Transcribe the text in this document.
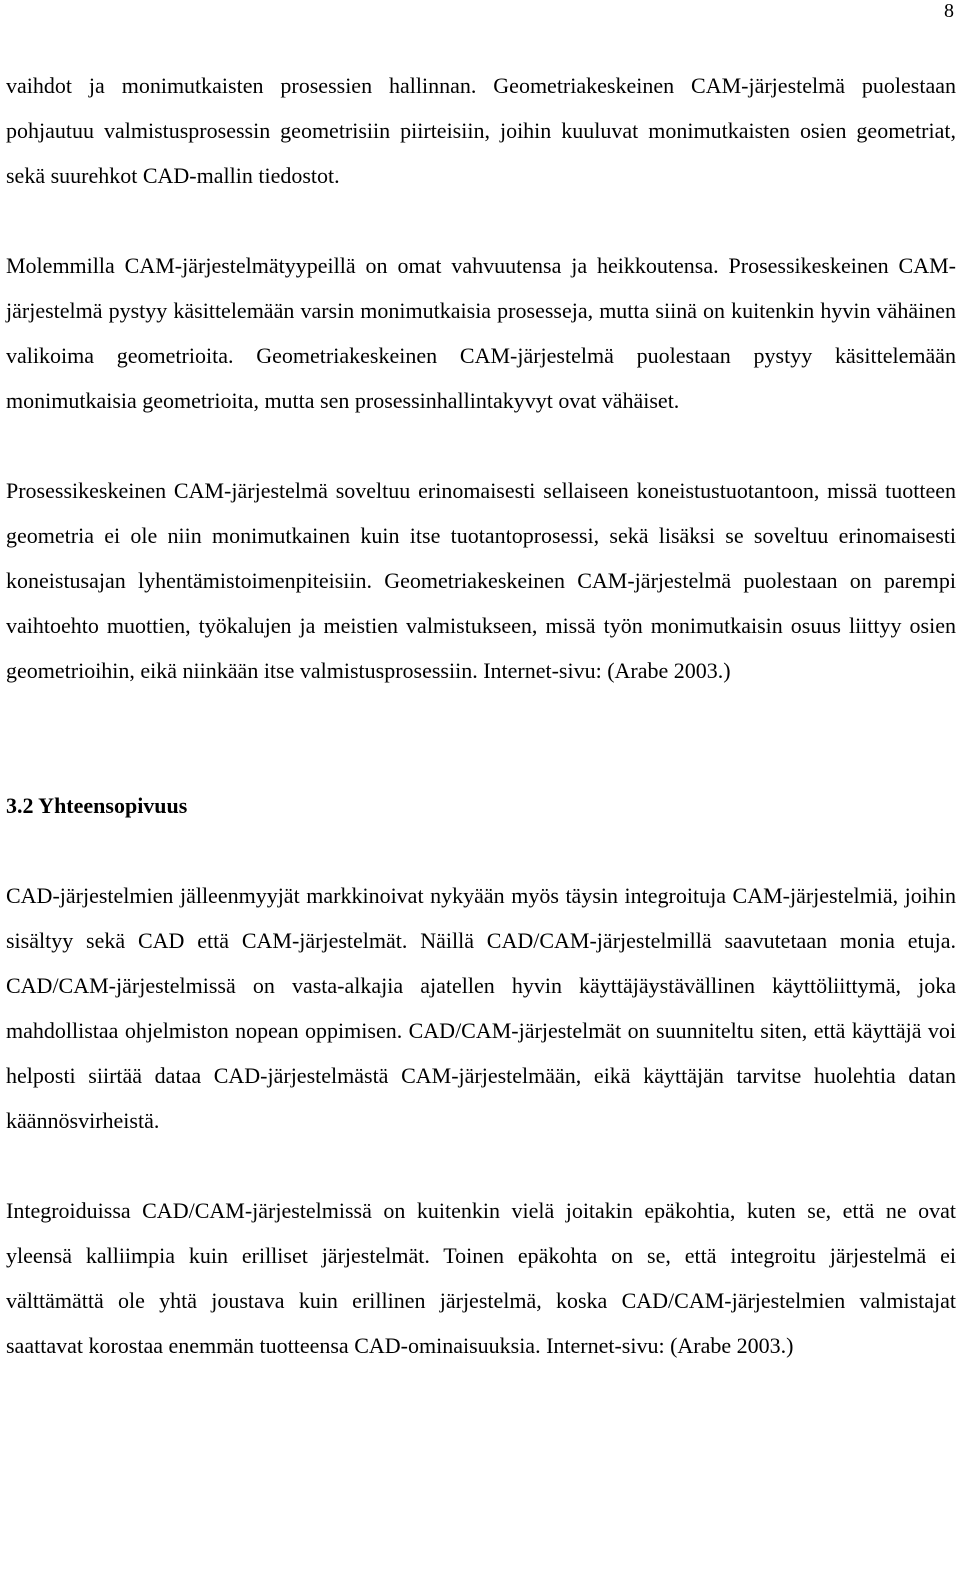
8

vaihdot ja monimutkaisten prosessien hallinnan. Geometriakeskeinen CAM-järjestelmä puolestaan pohjautuu valmistusprosessin geometrisiin piirteisiin, joihin kuuluvat monimutkaisten osien geometriat, sekä suurehkot CAD-mallin tiedostot.

Molemmilla CAM-järjestelmätyypeillä on omat vahvuutensa ja heikkoutensa. Prosessikeskeinen CAM-järjestelmä pystyy käsittelemään varsin monimutkaisia prosesseja, mutta siinä on kuitenkin hyvin vähäinen valikoima geometrioita. Geometriakeskeinen CAM-järjestelmä puolestaan pystyy käsittelemään monimutkaisia geometrioita, mutta sen prosessinhallintakyvyt ovat vähäiset.

Prosessikeskeinen CAM-järjestelmä soveltuu erinomaisesti sellaiseen koneistustuotantoon, missä tuotteen geometria ei ole niin monimutkainen kuin itse tuotantoprosessi, sekä lisäksi se soveltuu erinomaisesti koneistusajan lyhentämistoimenpiteisiin. Geometriakeskeinen CAM-järjestelmä puolestaan on parempi vaihtoehto muottien, työkalujen ja meistien valmistukseen, missä työn monimutkaisin osuus liittyy osien geometrioihin, eikä niinkään itse valmistusprosessiin. Internet-sivu: (Arabe 2003.)

3.2 Yhteensopivuus

CAD-järjestelmien jälleenmyyjät markkinoivat nykyään myös täysin integroituja CAM-järjestelmiä, joihin sisältyy sekä CAD että CAM-järjestelmät. Näillä CAD/CAM-järjestelmillä saavutetaan monia etuja. CAD/CAM-järjestelmissä on vasta-alkajia ajatellen hyvin käyttäjäystävällinen käyttöliittymä, joka mahdollistaa ohjelmiston nopean oppimisen. CAD/CAM-järjestelmät on suunniteltu siten, että käyttäjä voi helposti siirtää dataa CAD-järjestelmästä CAM-järjestelmään, eikä käyttäjän tarvitse huolehtia datan käännösvirheistä.

Integroiduissa CAD/CAM-järjestelmissä on kuitenkin vielä joitakin epäkohtia, kuten se, että ne ovat yleensä kalliimpia kuin erilliset järjestelmät. Toinen epäkohta on se, että integroitu järjestelmä ei välttämättä ole yhtä joustava kuin erillinen järjestelmä, koska CAD/CAM-järjestelmien valmistajat saattavat korostaa enemmän tuotteensa CAD-ominaisuuksia. Internet-sivu: (Arabe 2003.)
